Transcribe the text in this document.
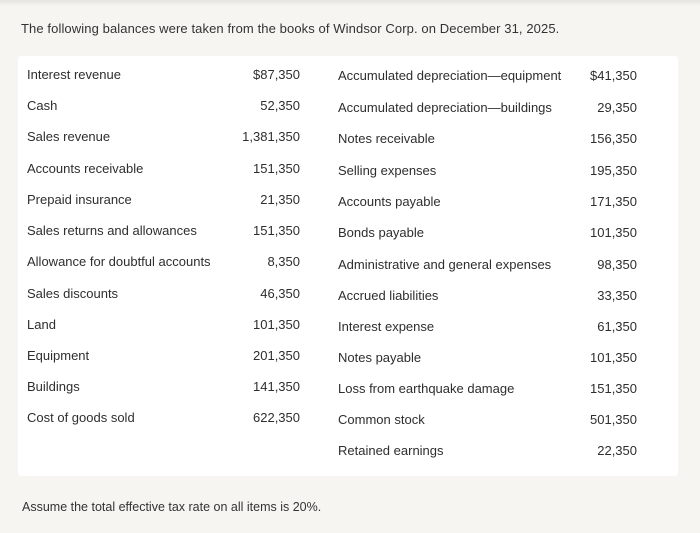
The following balances were taken from the books of Windsor Corp. on December 31, 2025.
Interest revenue	$87,350
Cash	52,350
Sales revenue	1,381,350
Accounts receivable	151,350
Prepaid insurance	21,350
Sales returns and allowances	151,350
Allowance for doubtful accounts	8,350
Sales discounts	46,350
Land	101,350
Equipment	201,350
Buildings	141,350
Cost of goods sold	622,350
Accumulated depreciation—equipment	$41,350
Accumulated depreciation—buildings	29,350
Notes receivable	156,350
Selling expenses	195,350
Accounts payable	171,350
Bonds payable	101,350
Administrative and general expenses	98,350
Accrued liabilities	33,350
Interest expense	61,350
Notes payable	101,350
Loss from earthquake damage	151,350
Common stock	501,350
Retained earnings	22,350
Assume the total effective tax rate on all items is 20%.
